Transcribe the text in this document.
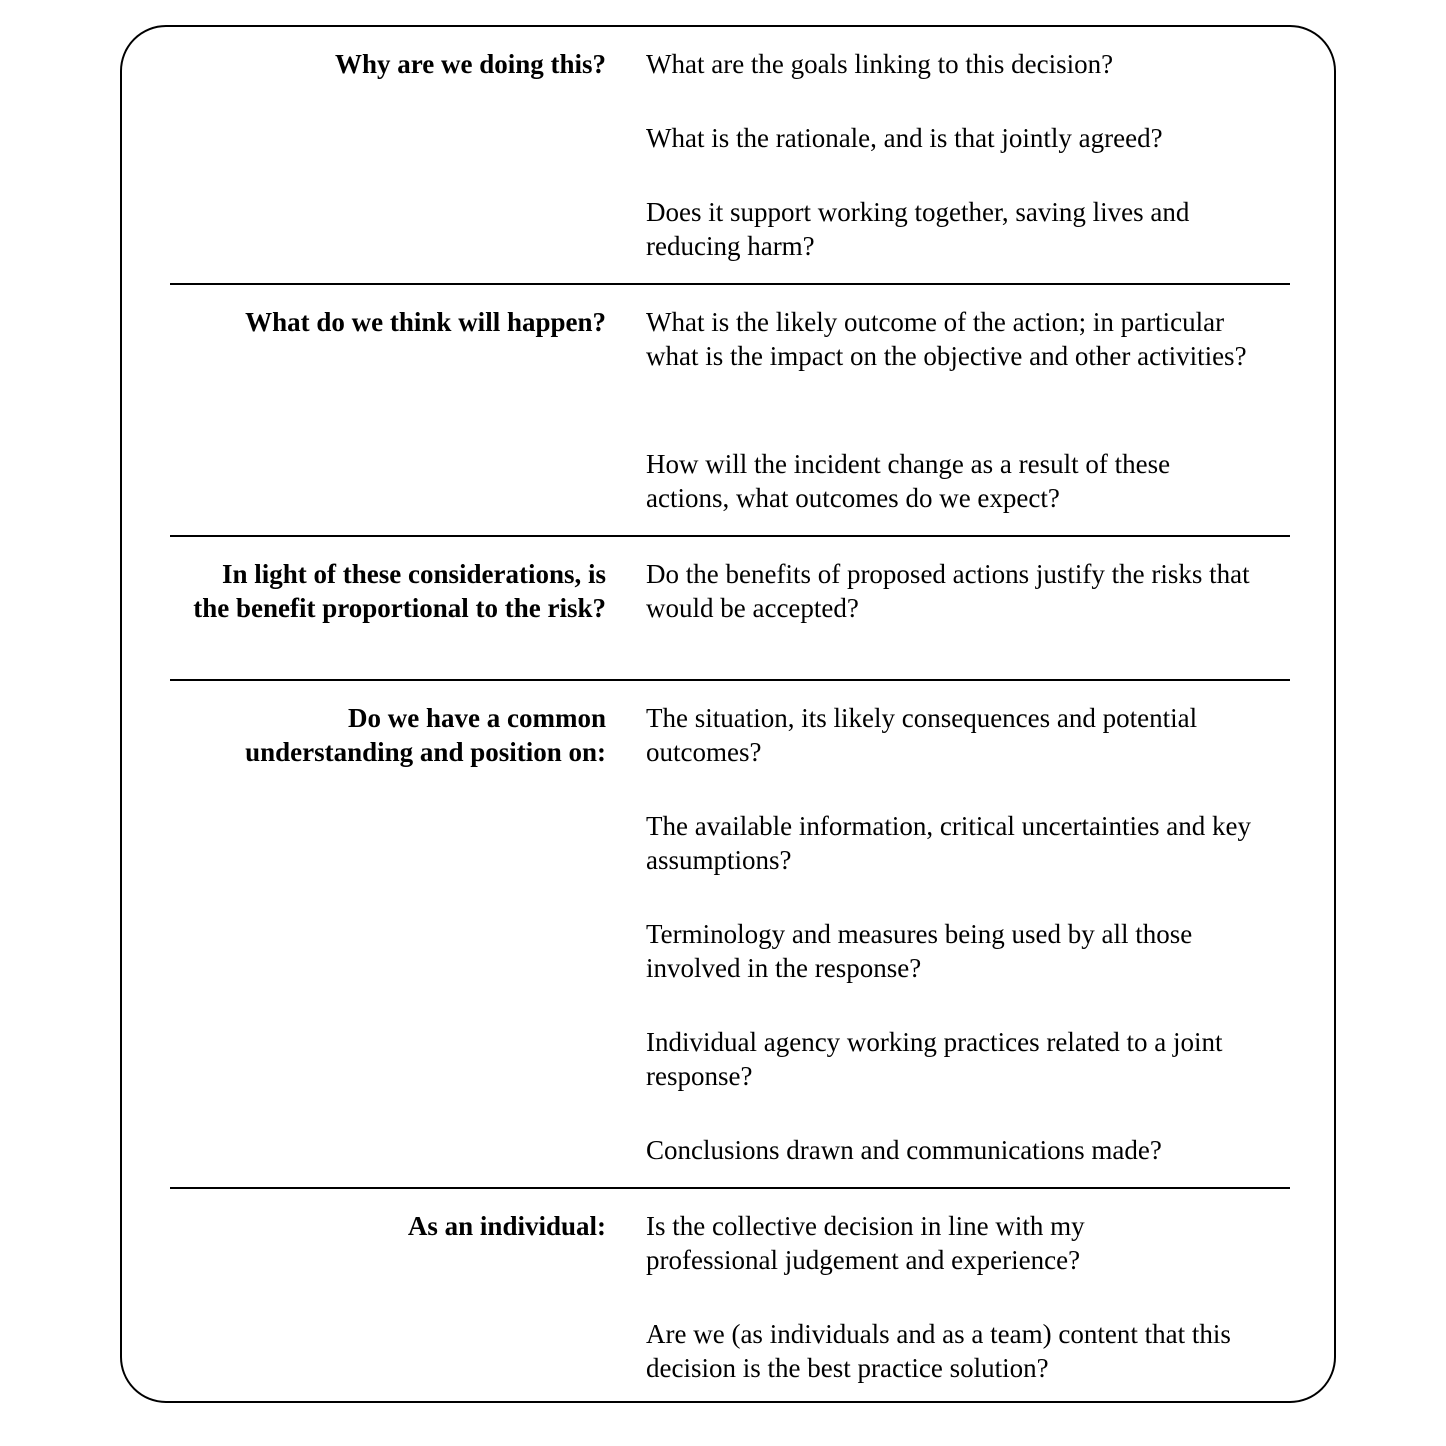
Why are we doing this? What are the goals linking to this decision?
What is the rationale, and is that jointly agreed?
Does it support working together, saving lives and reducing harm?
What do we think will happen? What is the likely outcome of the action; in particular what is the impact on the objective and other activities?
How will the incident change as a result of these actions, what outcomes do we expect?
In light of these considerations, is the benefit proportional to the risk?
Do the benefits of proposed actions justify the risks that would be accepted?
Do we have a common understanding and position on:
The situation, its likely consequences and potential outcomes?
The available information, critical uncertainties and key assumptions?
Terminology and measures being used by all those involved in the response?
Individual agency working practices related to a joint response?
Conclusions drawn and communications made?
As an individual: Is the collective decision in line with my professional judgement and experience?
Are we (as individuals and as a team) content that this decision is the best practice solution?
